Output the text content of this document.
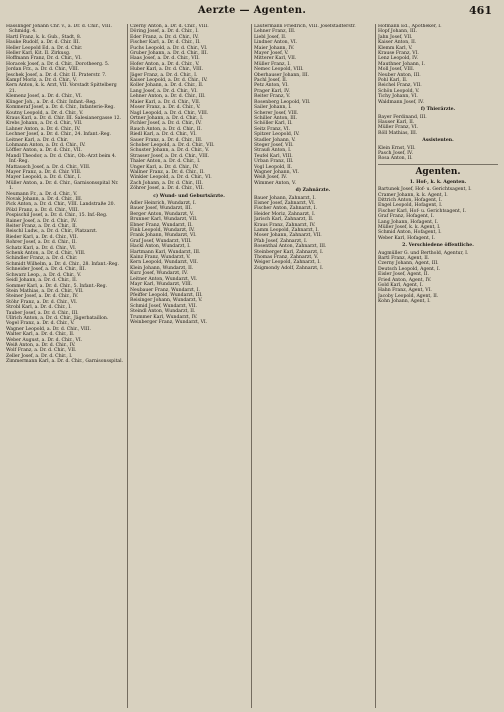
Aerzte — Agenten.	461
Hasslinger Johann Chr. v., a. Dr. d. Chir., VIII. Schmidg. 4.
Hartl Franz, k. k. Gub., Stadt, 8.
Hauke Rudolf, a. Dr. d. Chir. III.
Heller Leopold Ed. a. Dr. d. Chir.
Heller Karl, Kit. II. Zirkusg.
Hoffmann Franz, Dr. d. Chir., VI.
Horacek Josef, a. Dr. d. Chir., Dorotheerg. 5.
Jordan Frz., a. Dr. d. Chir., VIII.
Jeschek Josef, a. Dr. d. Chir. II. Praterstr. 7.
Kampf Moriz, a. Dr. d. Chir., V.
Kern Anton, k. k. Arzt, VII. Vorstadt Spittelberg 21.
Klemenz Josef, a. Dr. d. Chir., VI.
Klinger Joh., a. Dr. d. Chir. Infant.-Reg.
Kommeraf Josef, a. Dr. d. Chir., Infanterie-Reg.
Koutny Leopold, a. Dr. d. Chir., V.
Kraus Karl, a. Dr. d. Chir. III. Salesianergasse 12.
Krebs Johann, a. Dr. d. Chir., VII.
Lahner Anton, a. Dr. d. Chir., IV.
Lechner Josef, a. Dr. d. Chir., 24. Infant.-Reg.
Leitner Karl, a. Dr. d. Chir.
Lohmann Anton, a. Dr. d. Chir., IV.
Löffler Anton, a. Dr. d. Chir., VII.
Mandl Theodor, a. Dr. d. Chir., Ob.-Arzt beim 4. Inf.-Reg.
Mattausch Josef, a. Dr. d. Chir., VIII.
Mayer Franz, a. Dr. d. Chir. VIII.
Mayer Leopold, a. Dr. d. Chir., I.
Müller Anton, a. Dr. d. Chir., Garnisonsspital Nr. 1.
Neumann Fr., a. Dr. d. Chir., V.
Novak Johann, a. Dr. d. Chir., III.
Pick Anton, a. Dr. d. Chir., VIII. Landstraße 20.
Pölzl Franz, a. Dr. d. Chir., VIII.
Pospischil Josef, a. Dr. d. Chir., 15. Inf.-Reg.
Rainer Josef, a. Dr. d. Chir., IV.
Reiter Franz, a. Dr. d. Chir., II.
Reischl Ludw., a. Dr. d. Chir., Platzarzt.
Rieder Karl, a. Dr. d. Chir., VII.
Rohrer Josef, a. Dr. d. Chir., II.
Schatz Karl, a. Dr. d. Chir., VI.
Schenk Anton, a. Dr. d. Chir., VIII.
Schindler Franz, a. Dr. d. Chir.
Schmidt Wilhelm, a. Dr. d. Chir., 28. Infant.-Reg.
Schneider Josef, a. Dr. d. Chir., III.
Schwarz Leop., a. Dr. d. Chir., V.
Seidl Johann, a. Dr. d. Chir., II.
Sommer Karl, a. Dr. d. Chir., 5. Infant.-Reg.
Stein Mathias, a. Dr. d. Chir., VII.
Steiner Josef, a. Dr. d. Chir., IV.
Stöhr Franz, a. Dr. d. Chir., VI.
Strobl Karl, a. Dr. d. Chir., I.
Tauber Josef, a. Dr. d. Chir., III.
Ullrich Anton, a. Dr. d. Chir., Jägerbataillon.
Vogel Franz, a. Dr. d. Chir., V.
Wagner Leopold, a. Dr. d. Chir., VIII.
Walter Karl, a. Dr. d. Chir., II.
Weber August, a. Dr. d. Chir., VI.
Weiß Anton, a. Dr. d. Chir., IV.
Wolf Franz, a. Dr. d. Chir., VII.
Zeller Josef, a. Dr. d. Chir., I.
Zimmermann Karl, a. Dr. d. Chir., Garnisonsspital.
Czerny Anton, a. Dr. d. Chir., VIII.
Döring Josef, a. Dr. d. Chir., I.
Eder Franz, a. Dr. d. Chir., IV.
Fischer Karl, a. Dr. d. Chir., II.
Fuchs Leopold, a. Dr. d. Chir., VI.
Gruber Johann, a. Dr. d. Chir., III.
Haas Josef, a. Dr. d. Chir., VII.
Hofer Anton, a. Dr. d. Chir., V.
Huber Karl, a. Dr. d. Chir., VIII.
Jäger Franz, a. Dr. d. Chir., I.
Kaiser Leopold, a. Dr. d. Chir., IV.
Koller Johann, a. Dr. d. Chir., II.
Lang Josef, a. Dr. d. Chir., VI.
Lehner Anton, a. Dr. d. Chir., III.
Maier Karl, a. Dr. d. Chir., VII.
Moser Franz, a. Dr. d. Chir., V.
Nagl Leopold, a. Dr. d. Chir., VIII.
Ortner Johann, a. Dr. d. Chir., I.
Pichler Josef, a. Dr. d. Chir., IV.
Rauch Anton, a. Dr. d. Chir., II.
Riedl Karl, a. Dr. d. Chir., VI.
Sauer Franz, a. Dr. d. Chir., III.
Schober Leopold, a. Dr. d. Chir., VII.
Schuster Johann, a. Dr. d. Chir., V.
Strasser Josef, a. Dr. d. Chir., VIII.
Thaler Anton, a. Dr. d. Chir., I.
Unger Karl, a. Dr. d. Chir., IV.
Wallner Franz, a. Dr. d. Chir., II.
Winkler Leopold, a. Dr. d. Chir., VI.
Zach Johann, a. Dr. d. Chir., III.
Zöhrer Josef, a. Dr. d. Chir., VII.
c) Wund- und Geburtsärzte.
Adler Heinrich, Wundarzt, I.
Bauer Josef, Wundarzt, III.
Berger Anton, Wundarzt, V.
Brunner Karl, Wundarzt, VII.
Ebner Franz, Wundarzt, II.
Fink Leopold, Wundarzt, IV.
Frank Johann, Wundarzt, VI.
Graf Josef, Wundarzt, VIII.
Hackl Anton, Wundarzt, I.
Hartmann Karl, Wundarzt, III.
Kainz Franz, Wundarzt, V.
Kern Leopold, Wundarzt, VII.
Klein Johann, Wundarzt, II.
Kurz Josef, Wundarzt, IV.
Leitner Anton, Wundarzt, VI.
Mayr Karl, Wundarzt, VIII.
Neubauer Franz, Wundarzt, I.
Pfeiffer Leopold, Wundarzt, III.
Reisinger Johann, Wundarzt, V.
Schmid Josef, Wundarzt, VII.
Steindl Anton, Wundarzt, II.
Trummer Karl, Wundarzt, IV.
Weinberger Franz, Wundarzt, VI.
Lautermann Friedrich, VIII. Josefstädterstr.
Lehner Franz, III.
Liebl Josef, II.
Lindner Anton, VI.
Maier Johann, IV.
Mayer Josef, V.
Mitterer Karl, VII.
Müller Franz, I.
Nemec Leopold, VIII.
Oberhauser Johann, III.
Pachl Josef, II.
Petz Anton, VI.
Prager Karl, IV.
Reiter Franz, V.
Rosenberg Leopold, VII.
Sailer Johann, I.
Scherer Josef, VIII.
Schiller Anton, III.
Schöller Karl, II.
Seitz Franz, VI.
Spitzer Leopold, IV.
Stadler Johann, V.
Steger Josef, VII.
Strauß Anton, I.
Teufel Karl, VIII.
Urban Franz, III.
Vogl Leopold, II.
Wagner Johann, VI.
Weiß Josef, IV.
Wimmer Anton, V.
d) Zahnärzte.
Bauer Johann, Zahnarzt, I.
Eisner Josef, Zahnarzt, VI.
Fischer Anton, Zahnarzt, I.
Heider Moriz, Zahnarzt, I.
Jarisch Karl, Zahnarzt, II.
Kraus Franz, Zahnarzt, IV.
Lamm Leopold, Zahnarzt, I.
Moser Johann, Zahnarzt, VII.
Pfab Josef, Zahnarzt, I.
Rosenthal Anton, Zahnarzt, III.
Steinberger Karl, Zahnarzt, I.
Thomas Franz, Zahnarzt, V.
Weiger Leopold, Zahnarzt, I.
Zsigmondy Adolf, Zahnarzt, I.
Hofmann Ed., Apotheker, I.
Hopf Johann, III.
Jahn Josef, VII.
Kaiser Anton, II.
Klemm Karl, V.
Krause Franz, VI.
Lenz Leopold, IV.
Mauthner Johann, I.
Moll Josef, VIII.
Neuber Anton, III.
Pohl Karl, II.
Reichel Franz, VII.
Schön Leopold, V.
Tichy Johann, VI.
Waldmann Josef, IV.
f) Thierärzte.
Bayer Ferdinand, III.
Hauser Karl, II.
Müller Franz, VI.
Röll Mathias, III.
Assistenten.
Klein Ernst, VII.
Pasch Josef, IV.
Rosa Anton, II.
Agenten.
1. Hof-, k. k. Agenten.
Bartunek Josef, Hof- u. Gerichtsagent, I.
Cramer Johann, k. k. Agent, I.
Dittrich Anton, Hofagent, I.
Engel Leopold, Hofagent, I.
Fischer Karl, Hof- u. Gerichtsagent, I.
Graf Franz, Hofagent, I.
Lang Johann, Hofagent, I.
Müller Josef, k. k. Agent, I.
Schmid Anton, Hofagent, I.
Weber Karl, Hofagent, I.
2. Verschiedene öffentliche.
Augmüller G. und Berthold, Agentur, I.
Bartl Franz, Agent, II.
Czerny Johann, Agent, III.
Deutsch Leopold, Agent, I.
Eisler Josef, Agent, II.
Fried Anton, Agent, IV.
Gold Karl, Agent, I.
Hahn Franz, Agent, VI.
Jacoby Leopold, Agent, II.
Kohn Johann, Agent, I.
